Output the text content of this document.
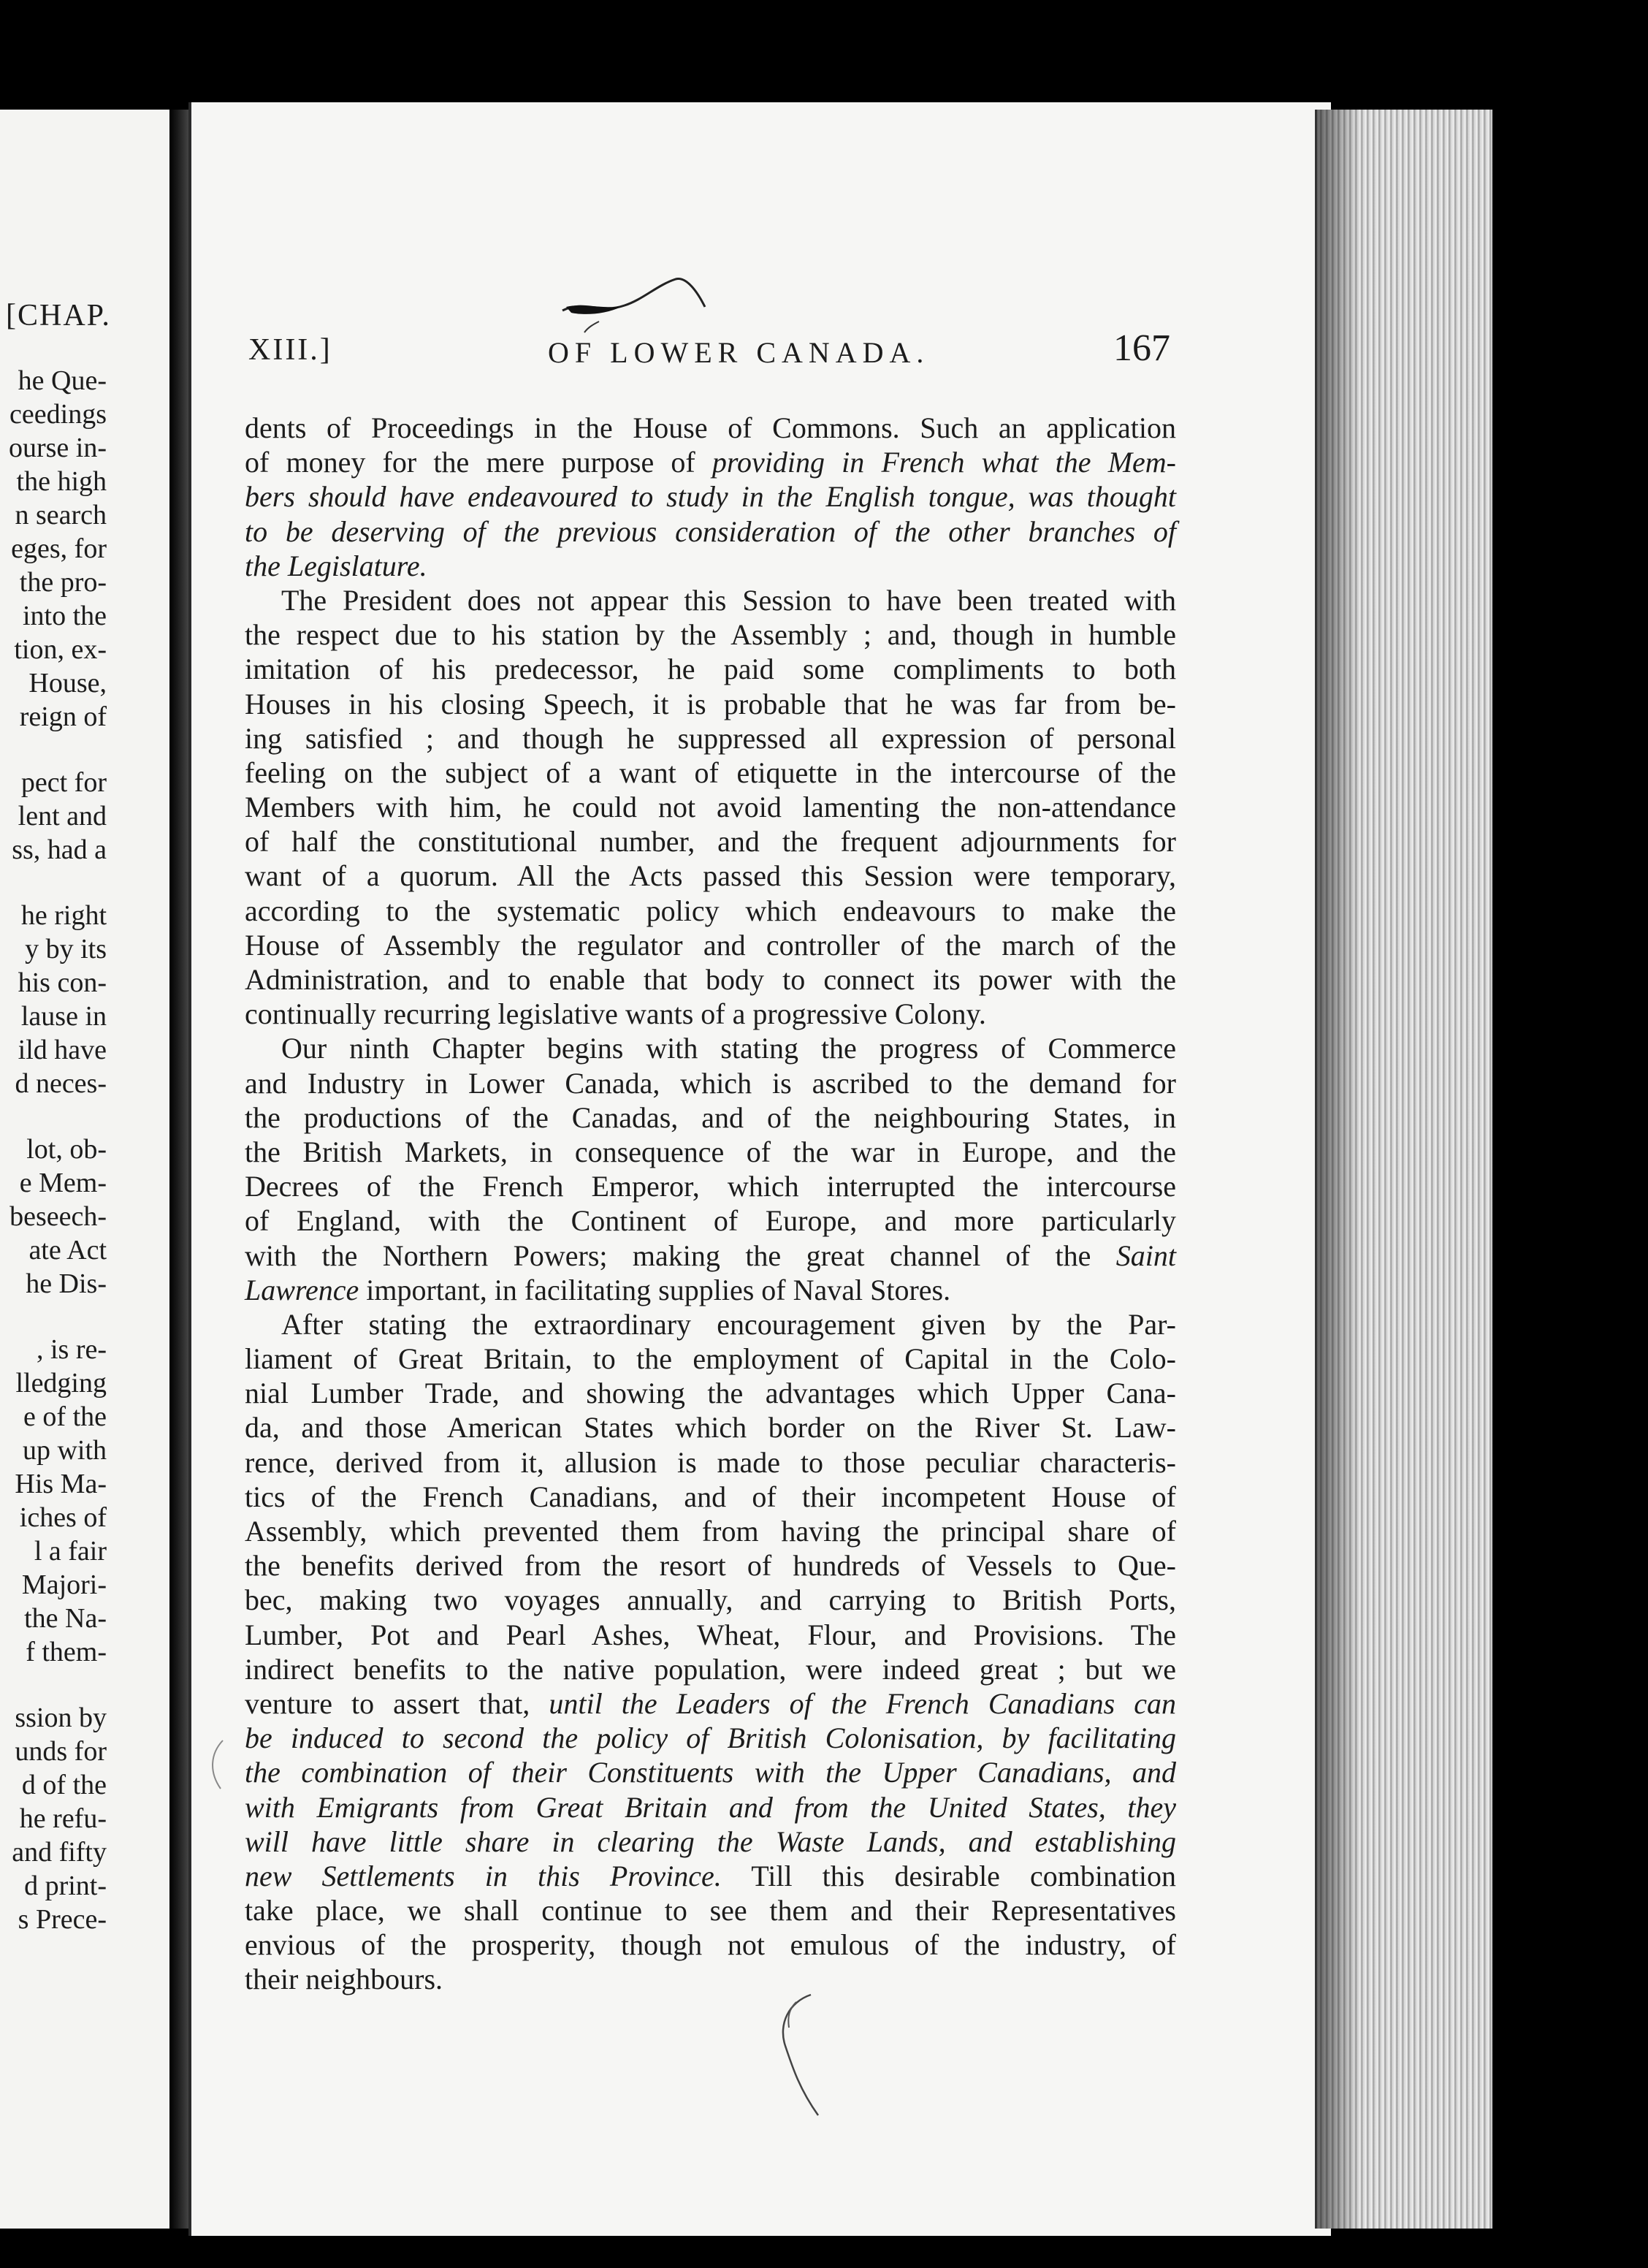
[CHAP.
he Que-
ceedings
ourse in-
the high
n search
eges, for
the pro-
into the
tion, ex-
House,
reign of
pect for
lent and
ss, had a
he right
y by its
his con-
lause in
ild have
d neces-
lot, ob-
e Mem-
beseech-
ate Act
he Dis-
, is re-
lledging
e of the
up with
His Ma-
iches of
l a fair
Majori-
the Na-
f them-
ssion by
unds for
d of the
he refu-
and fifty
d print-
s Prece-
XIII.]	OF LOWER CANADA.	167
dents of Proceedings in the House of Commons. Such an application
of money for the mere purpose of providing in French what the Mem-
bers should have endeavoured to study in the English tongue, was thought
to be deserving of the previous consideration of the other branches of
the Legislature.
The President does not appear this Session to have been treated with
the respect due to his station by the Assembly ; and, though in humble
imitation of his predecessor, he paid some compliments to both
Houses in his closing Speech, it is probable that he was far from be-
ing satisfied ; and though he suppressed all expression of personal
feeling on the subject of a want of etiquette in the intercourse of the
Members with him, he could not avoid lamenting the non-attendance
of half the constitutional number, and the frequent adjournments for
want of a quorum. All the Acts passed this Session were temporary,
according to the systematic policy which endeavours to make the
House of Assembly the regulator and controller of the march of the
Administration, and to enable that body to connect its power with the
continually recurring legislative wants of a progressive Colony.
Our ninth Chapter begins with stating the progress of Commerce
and Industry in Lower Canada, which is ascribed to the demand for
the productions of the Canadas, and of the neighbouring States, in
the British Markets, in consequence of the war in Europe, and the
Decrees of the French Emperor, which interrupted the intercourse
of England, with the Continent of Europe, and more particularly
with the Northern Powers; making the great channel of the Saint
Lawrence important, in facilitating supplies of Naval Stores.
After stating the extraordinary encouragement given by the Par-
liament of Great Britain, to the employment of Capital in the Colo-
nial Lumber Trade, and showing the advantages which Upper Cana-
da, and those American States which border on the River St. Law-
rence, derived from it, allusion is made to those peculiar characteris-
tics of the French Canadians, and of their incompetent House of
Assembly, which prevented them from having the principal share of
the benefits derived from the resort of hundreds of Vessels to Que-
bec, making two voyages annually, and carrying to British Ports,
Lumber, Pot and Pearl Ashes, Wheat, Flour, and Provisions. The
indirect benefits to the native population, were indeed great ; but we
venture to assert that, until the Leaders of the French Canadians can
be induced to second the policy of British Colonisation, by facilitating
the combination of their Constituents with the Upper Canadians, and
with Emigrants from Great Britain and from the United States, they
will have little share in clearing the Waste Lands, and establishing
new Settlements in this Province. Till this desirable combination
take place, we shall continue to see them and their Representatives
envious of the prosperity, though not emulous of the industry, of
their neighbours.
